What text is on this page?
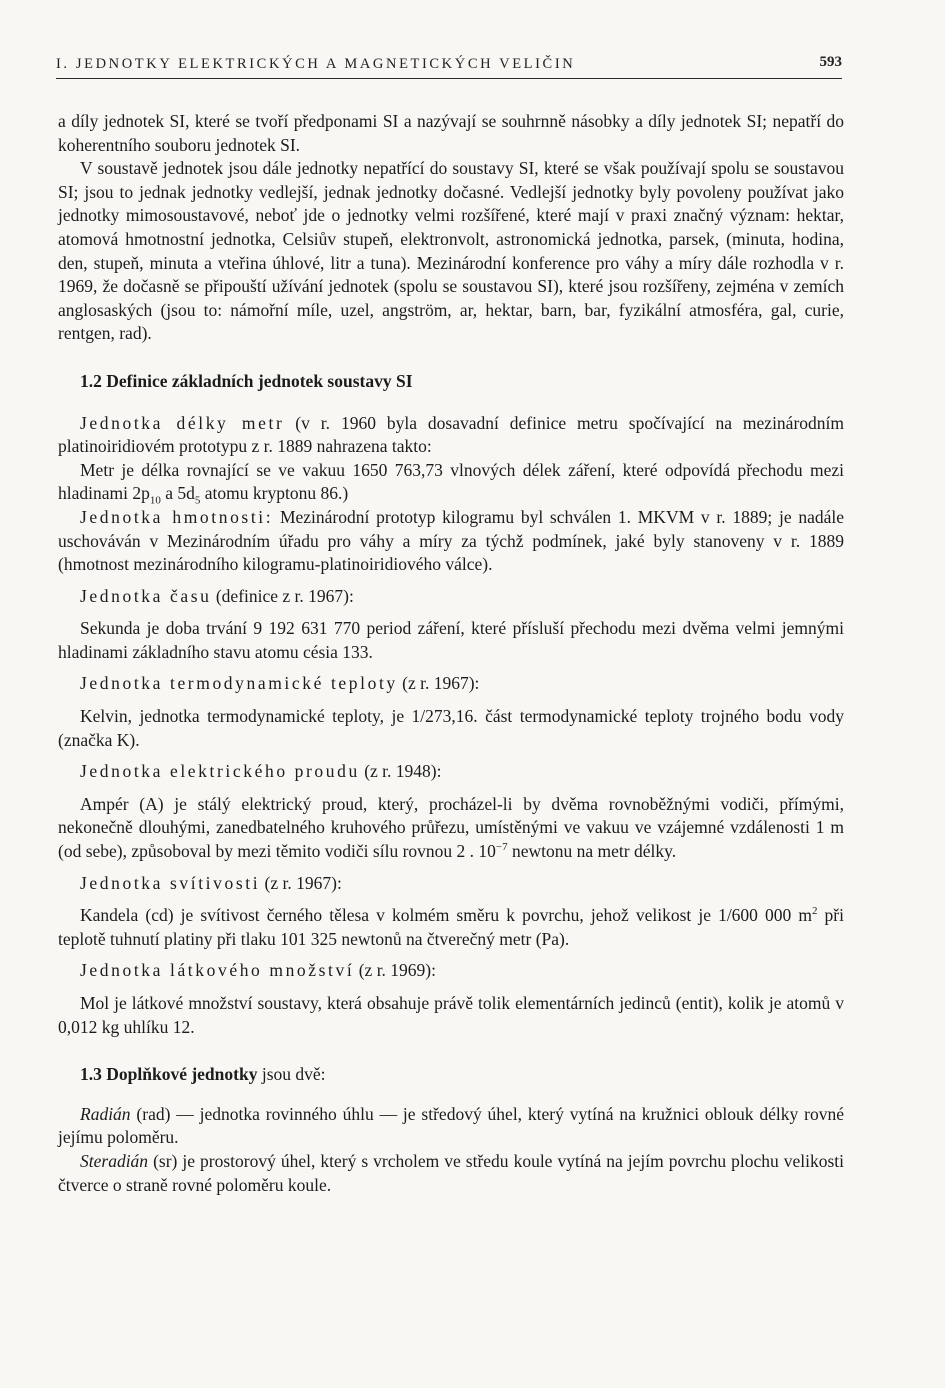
I. JEDNOTKY ELEKTRICKÝCH A MAGNETICKÝCH VELIČIN	593

a díly jednotek SI, které se tvoří předponami SI a nazývají se souhrnně násobky a díly jednotek SI; nepatří do koherentního souboru jednotek SI.

V soustavě jednotek jsou dále jednotky nepatřící do soustavy SI, které se však používají spolu se soustavou SI; jsou to jednak jednotky vedlejší, jednak jednotky dočasné. Vedlejší jednotky byly povoleny používat jako jednotky mimosoustavové, neboť jde o jednotky velmi rozšířené, které mají v praxi značný význam: hektar, atomová hmotnostní jednotka, Celsiův stupeň, elektronvolt, astronomická jednotka, parsek, (minuta, hodina, den, stupeň, minuta a vteřina úhlové, litr a tuna). Mezinárodní konference pro váhy a míry dále rozhodla v r. 1969, že dočasně se připouští užívání jednotek (spolu se soustavou SI), které jsou rozšířeny, zejména v zemích anglosaských (jsou to: námořní míle, uzel, angström, ar, hektar, barn, bar, fyzikální atmosféra, gal, curie, rentgen, rad).

1.2 Definice základních jednotek soustavy SI

Jednotka délky metr (v r. 1960 byla dosavadní definice metru spočívající na mezinárodním platinoiridiovém prototypu z r. 1889 nahrazena takto:

Metr je délka rovnající se ve vakuu 1650 763,73 vlnových délek záření, které odpovídá přechodu mezi hladinami $2p_{10}$ a $5d_5$ atomu kryptonu 86.)

Jednotka hmotnosti: Mezinárodní prototyp kilogramu byl schválen 1. MKVM v r. 1889; je nadále uschováván v Mezinárodním úřadu pro váhy a míry za týchž podmínek, jaké byly stanoveny v r. 1889 (hmotnost mezinárodního kilogramu-platinoiridiového válce).

Jednotka času (definice z r. 1967):

Sekunda je doba trvání 9 192 631 770 period záření, které přísluší přechodu mezi dvěma velmi jemnými hladinami základního stavu atomu césia 133.

Jednotka termodynamické teploty (z r. 1967):

Kelvin, jednotka termodynamické teploty, je 1/273,16. část termodynamické teploty trojného bodu vody (značka K).

Jednotka elektrického proudu (z r. 1948):

Ampér (A) je stálý elektrický proud, který, procházel-li by dvěma rovnoběžnými vodiči, přímými, nekonečně dlouhými, zanedbatelného kruhového průřezu, umístěnými ve vakuu ve vzájemné vzdálenosti 1 m (od sebe), způsoboval by mezi těmito vodiči sílu rovnou 2 . $10^{-7}$ newtonu na metr délky.

Jednotka svítivosti (z r. 1967):

Kandela (cd) je svítivost černého tělesa v kolmém směru k povrchu, jehož velikost je 1/600 000 $m^2$ při teplotě tuhnutí platiny při tlaku 101 325 newtonů na čtverečný metr (Pa).

Jednotka látkového množství (z r. 1969):

Mol je látkové množství soustavy, která obsahuje právě tolik elementárních jedinců (entit), kolik je atomů v 0,012 kg uhlíku 12.

1.3 Doplňkové jednotky jsou dvě:

Radián (rad) — jednotka rovinného úhlu — je středový úhel, který vytíná na kružnici oblouk délky rovné jejímu poloměru.

Steradián (sr) je prostorový úhel, který s vrcholem ve středu koule vytíná na jejím povrchu plochu velikosti čtverce o straně rovné poloměru koule.
